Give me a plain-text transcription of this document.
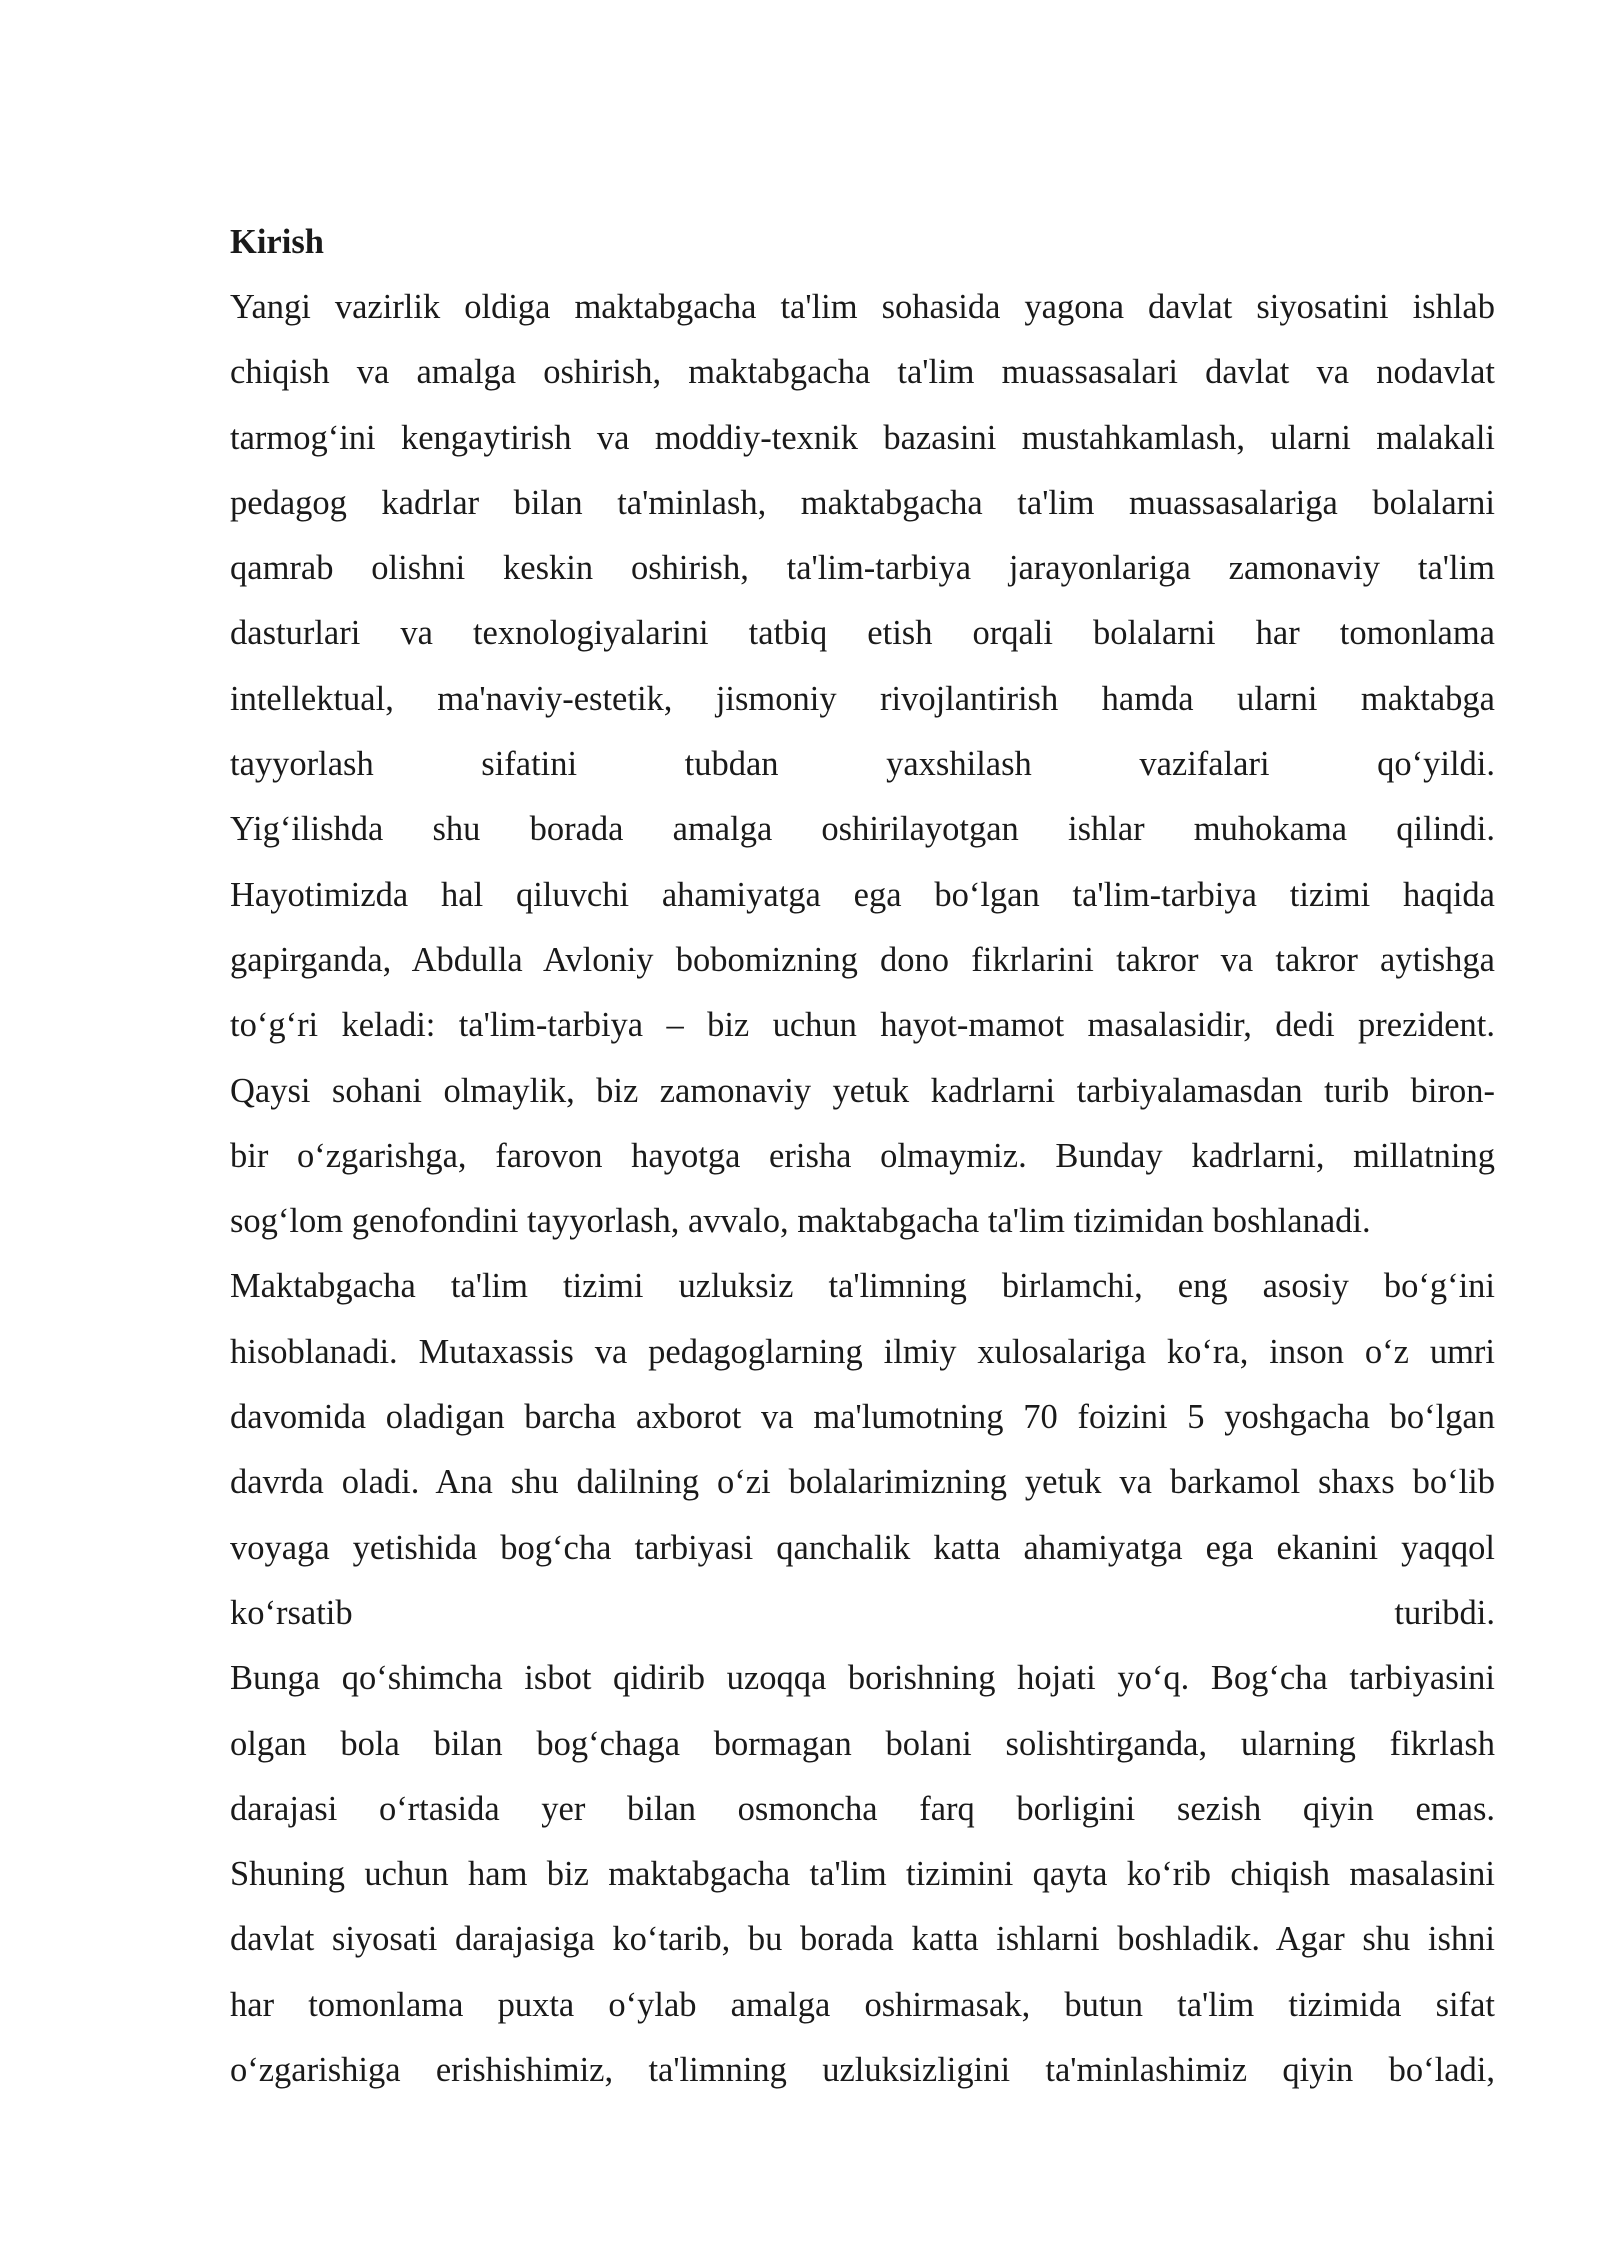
Kirish
Yangi vazirlik oldiga maktabgacha ta'lim sohasida yagona davlat siyosatini ishlab
chiqish va amalga oshirish, maktabgacha ta'lim muassasalari davlat va nodavlat
tarmog‘ini kengaytirish va moddiy-texnik bazasini mustahkamlash, ularni malakali
pedagog kadrlar bilan ta'minlash, maktabgacha ta'lim muassasalariga bolalarni
qamrab olishni keskin oshirish, ta'lim-tarbiya jarayonlariga zamonaviy ta'lim
dasturlari va texnologiyalarini tatbiq etish orqali bolalarni har tomonlama
intellektual, ma'naviy-estetik, jismoniy rivojlantirish hamda ularni maktabga
tayyorlash sifatini tubdan yaxshilash vazifalari qo‘yildi.
Yig‘ilishda shu borada amalga oshirilayotgan ishlar muhokama qilindi.
Hayotimizda hal qiluvchi ahamiyatga ega bo‘lgan ta'lim-tarbiya tizimi haqida
gapirganda, Abdulla Avloniy bobomizning dono fikrlarini takror va takror aytishga
to‘g‘ri keladi: ta'lim-tarbiya – biz uchun hayot-mamot masalasidir, dedi prezident.
Qaysi sohani olmaylik, biz zamonaviy yetuk kadrlarni tarbiyalamasdan turib biron-
bir o‘zgarishga, farovon hayotga erisha olmaymiz. Bunday kadrlarni, millatning
sog‘lom genofondini tayyorlash, avvalo, maktabgacha ta'lim tizimidan boshlanadi.
Maktabgacha ta'lim tizimi uzluksiz ta'limning birlamchi, eng asosiy bo‘g‘ini
hisoblanadi. Mutaxassis va pedagoglarning ilmiy xulosalariga ko‘ra, inson o‘z umri
davomida oladigan barcha axborot va ma'lumotning 70 foizini 5 yoshgacha bo‘lgan
davrda oladi. Ana shu dalilning o‘zi bolalarimizning yetuk va barkamol shaxs bo‘lib
voyaga yetishida bog‘cha tarbiyasi qanchalik katta ahamiyatga ega ekanini yaqqol
ko‘rsatib turibdi.
Bunga qo‘shimcha isbot qidirib uzoqqa borishning hojati yo‘q. Bog‘cha tarbiyasini
olgan bola bilan bog‘chaga bormagan bolani solishtirganda, ularning fikrlash
darajasi o‘rtasida yer bilan osmoncha farq borligini sezish qiyin emas.
Shuning uchun ham biz maktabgacha ta'lim tizimini qayta ko‘rib chiqish masalasini
davlat siyosati darajasiga ko‘tarib, bu borada katta ishlarni boshladik. Agar shu ishni
har tomonlama puxta o‘ylab amalga oshirmasak, butun ta'lim tizimida sifat
o‘zgarishiga erishishimiz, ta'limning uzluksizligini ta'minlashimiz qiyin bo‘ladi,
